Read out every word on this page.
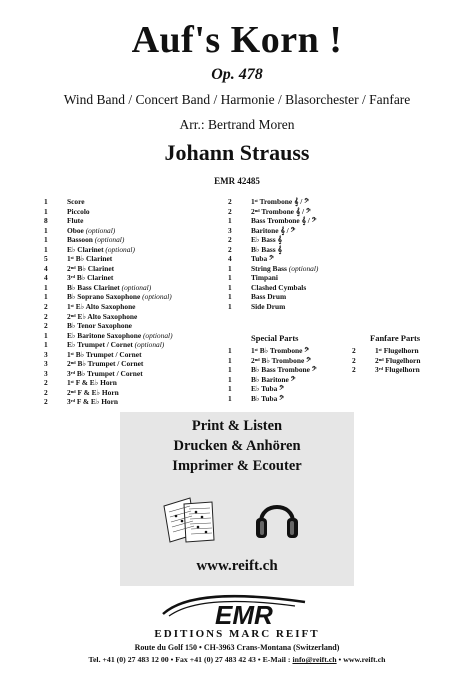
Auf's Korn !
Op. 478
Wind Band / Concert Band / Harmonie / Blasorchester / Fanfare
Arr.: Bertrand Moren
Johann Strauss
EMR 42485
1	Score
1	Piccolo
8	Flute
1	Oboe (optional)
1	Bassoon (optional)
1	E♭ Clarinet (optional)
5	1ˢᵗ B♭ Clarinet
4	2ⁿᵈ B♭ Clarinet
4	3ʳᵈ B♭ Clarinet
1	B♭ Bass Clarinet (optional)
1	B♭ Soprano Saxophone (optional)
2	1ˢᵗ E♭ Alto Saxophone
2	2ⁿᵈ E♭ Alto Saxophone
2	B♭ Tenor Saxophone
1	E♭ Baritone Saxophone (optional)
1	E♭ Trumpet / Cornet (optional)
3	1ˢᵗ B♭ Trumpet / Cornet
3	2ⁿᵈ B♭ Trumpet / Cornet
3	3ʳᵈ B♭ Trumpet / Cornet
2	1ˢᵗ F & E♭ Horn
2	2ⁿᵈ F & E♭ Horn
2	3ʳᵈ F & E♭ Horn
2	1ˢᵗ Trombone 𝄞 / 𝄢
2	2ⁿᵈ Trombone 𝄞 / 𝄢
1	Bass Trombone 𝄞 / 𝄢
3	Baritone 𝄞 / 𝄢
2	E♭ Bass 𝄞
2	B♭ Bass 𝄞
4	Tuba 𝄢
1	String Bass (optional)
1	Timpani
1	Clashed Cymbals
1	Bass Drum
1	Side Drum
Special Parts	Fanfare Parts
1	1ˢᵗ B♭ Trombone 𝄢
1	2ⁿᵈ B♭ Trombone 𝄢
1	B♭ Bass Trombone 𝄢
1	B♭ Baritone 𝄢
1	E♭ Tuba 𝄢
1	B♭ Tuba 𝄢
2	1ˢᵗ Flugelhorn
2	2ⁿᵈ Flugelhorn
2	3ʳᵈ Flugelhorn
Print & Listen
Drucken & Anhören
Imprimer & Ecouter
www.reift.ch
EMR
EDITIONS MARC REIFT
Route du Golf 150 • CH-3963 Crans-Montana (Switzerland)
Tel. +41 (0) 27 483 12 00 • Fax +41 (0) 27 483 42 43 • E-Mail : info@reift.ch • www.reift.ch
